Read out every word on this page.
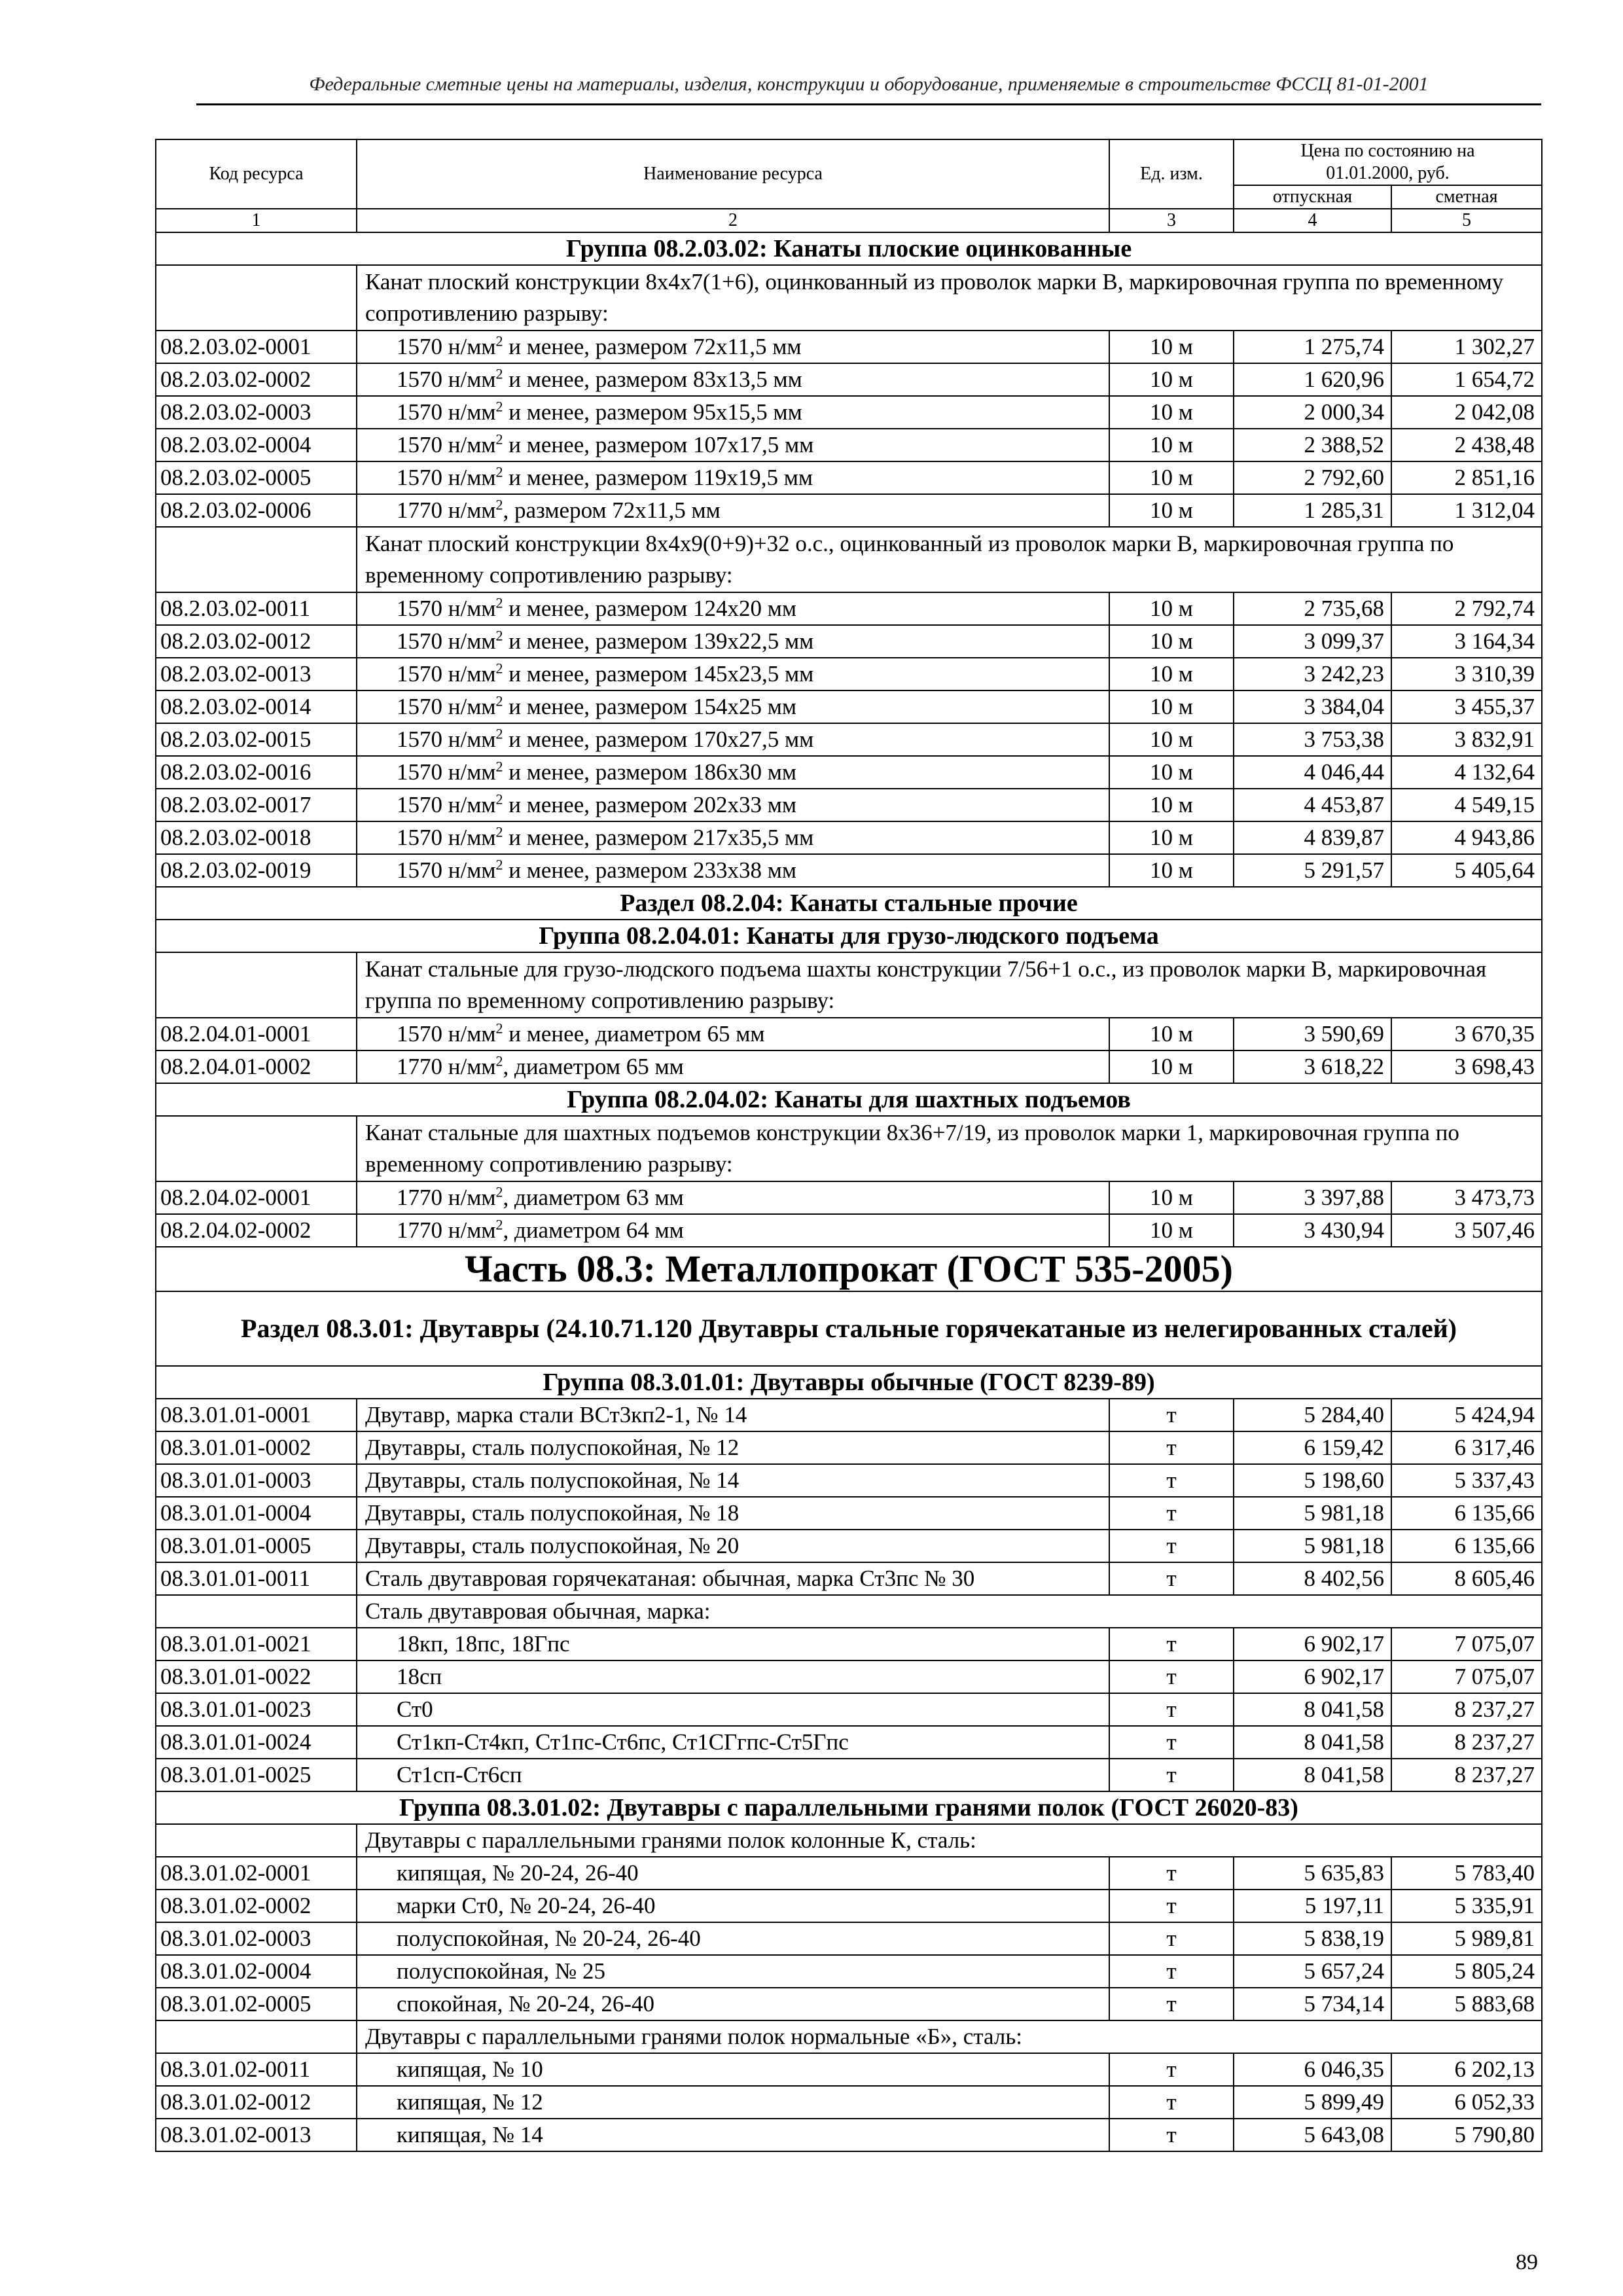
Федеральные сметные цены на материалы, изделия, конструкции и оборудование, применяемые в строительстве ФССЦ 81-01-2001
Код ресурса	Наименование ресурса	Ед. изм.	Цена по состоянию на 01.01.2000, руб.	
			отпускная	сметная
1	2	3	4	5
Группа 08.2.03.02: Канаты плоские оцинкованные				
	Канат плоский конструкции 8х4х7(1+6), оцинкованный из проволок марки В, маркировочная группа по временному сопротивлению разрыву:			
08.2.03.02-0001	1570 $н/мм^2$ и менее, размером 72х11,5 мм	10 м	1 275,74	1 302,27
08.2.03.02-0002	1570 $н/мм^2$ и менее, размером 83х13,5 мм	10 м	1 620,96	1 654,72
08.2.03.02-0003	1570 $н/мм^2$ и менее, размером 95х15,5 мм	10 м	2 000,34	2 042,08
08.2.03.02-0004	1570 $н/мм^2$ и менее, размером 107х17,5 мм	10 м	2 388,52	2 438,48
08.2.03.02-0005	1570 $н/мм^2$ и менее, размером 119х19,5 мм	10 м	2 792,60	2 851,16
08.2.03.02-0006	1770 $н/мм^2$, размером 72х11,5 мм	10 м	1 285,31	1 312,04
	Канат плоский конструкции 8х4х9(0+9)+32 о.с., оцинкованный из проволок марки В, маркировочная группа по временному сопротивлению разрыву:			
08.2.03.02-0011	1570 $н/мм^2$ и менее, размером 124х20 мм	10 м	2 735,68	2 792,74
08.2.03.02-0012	1570 $н/мм^2$ и менее, размером 139х22,5 мм	10 м	3 099,37	3 164,34
08.2.03.02-0013	1570 $н/мм^2$ и менее, размером 145х23,5 мм	10 м	3 242,23	3 310,39
08.2.03.02-0014	1570 $н/мм^2$ и менее, размером 154х25 мм	10 м	3 384,04	3 455,37
08.2.03.02-0015	1570 $н/мм^2$ и менее, размером 170х27,5 мм	10 м	3 753,38	3 832,91
08.2.03.02-0016	1570 $н/мм^2$ и менее, размером 186х30 мм	10 м	4 046,44	4 132,64
08.2.03.02-0017	1570 $н/мм^2$ и менее, размером 202х33 мм	10 м	4 453,87	4 549,15
08.2.03.02-0018	1570 $н/мм^2$ и менее, размером 217х35,5 мм	10 м	4 839,87	4 943,86
08.2.03.02-0019	1570 $н/мм^2$ и менее, размером 233х38 мм	10 м	5 291,57	5 405,64
Раздел 08.2.04: Канаты стальные прочие				
Группа 08.2.04.01: Канаты для грузо-людского подъема				
	Канат стальные для грузо-людского подъема шахты конструкции 7/56+1 о.с., из проволок марки В, маркировочная группа по временному сопротивлению разрыву:			
08.2.04.01-0001	1570 $н/мм^2$ и менее, диаметром 65 мм	10 м	3 590,69	3 670,35
08.2.04.01-0002	1770 $н/мм^2$, диаметром 65 мм	10 м	3 618,22	3 698,43
Группа 08.2.04.02: Канаты для шахтных подъемов				
	Канат стальные для шахтных подъемов конструкции 8х36+7/19, из проволок марки 1, маркировочная группа по временному сопротивлению разрыву:			
08.2.04.02-0001	1770 $н/мм^2$, диаметром 63 мм	10 м	3 397,88	3 473,73
08.2.04.02-0002	1770 $н/мм^2$, диаметром 64 мм	10 м	3 430,94	3 507,46
Часть 08.3: Металлопрокат (ГОСТ 535-2005)				
Раздел 08.3.01: Двутавры (24.10.71.120 Двутавры стальные горячекатаные из нелегированных сталей)				
Группа 08.3.01.01: Двутавры обычные (ГОСТ 8239-89)				
08.3.01.01-0001	Двутавр, марка стали ВСт3кп2-1, № 14	т	5 284,40	5 424,94
08.3.01.01-0002	Двутавры, сталь полуспокойная, № 12	т	6 159,42	6 317,46
08.3.01.01-0003	Двутавры, сталь полуспокойная, № 14	т	5 198,60	5 337,43
08.3.01.01-0004	Двутавры, сталь полуспокойная, № 18	т	5 981,18	6 135,66
08.3.01.01-0005	Двутавры, сталь полуспокойная, № 20	т	5 981,18	6 135,66
08.3.01.01-0011	Сталь двутавровая горячекатаная: обычная, марка Ст3пс № 30	т	8 402,56	8 605,46
	Сталь двутавровая обычная, марка:			
08.3.01.01-0021	18кп, 18пс, 18Гпс	т	6 902,17	7 075,07
08.3.01.01-0022	18сп	т	6 902,17	7 075,07
08.3.01.01-0023	Ст0	т	8 041,58	8 237,27
08.3.01.01-0024	Ст1кп-Ст4кп, Ст1пс-Ст6пс, Ст1СГгпс-Ст5Гпс	т	8 041,58	8 237,27
08.3.01.01-0025	Ст1сп-Ст6сп	т	8 041,58	8 237,27
Группа 08.3.01.02: Двутавры с параллельными гранями полок (ГОСТ 26020-83)				
	Двутавры с параллельными гранями полок колонные К, сталь:			
08.3.01.02-0001	кипящая, № 20-24, 26-40	т	5 635,83	5 783,40
08.3.01.02-0002	марки Ст0, № 20-24, 26-40	т	5 197,11	5 335,91
08.3.01.02-0003	полуспокойная, № 20-24, 26-40	т	5 838,19	5 989,81
08.3.01.02-0004	полуспокойная, № 25	т	5 657,24	5 805,24
08.3.01.02-0005	спокойная, № 20-24, 26-40	т	5 734,14	5 883,68
	Двутавры с параллельными гранями полок нормальные «Б», сталь:			
08.3.01.02-0011	кипящая, № 10	т	6 046,35	6 202,13
08.3.01.02-0012	кипящая, № 12	т	5 899,49	6 052,33
08.3.01.02-0013	кипящая, № 14	т	5 643,08	5 790,80
89
